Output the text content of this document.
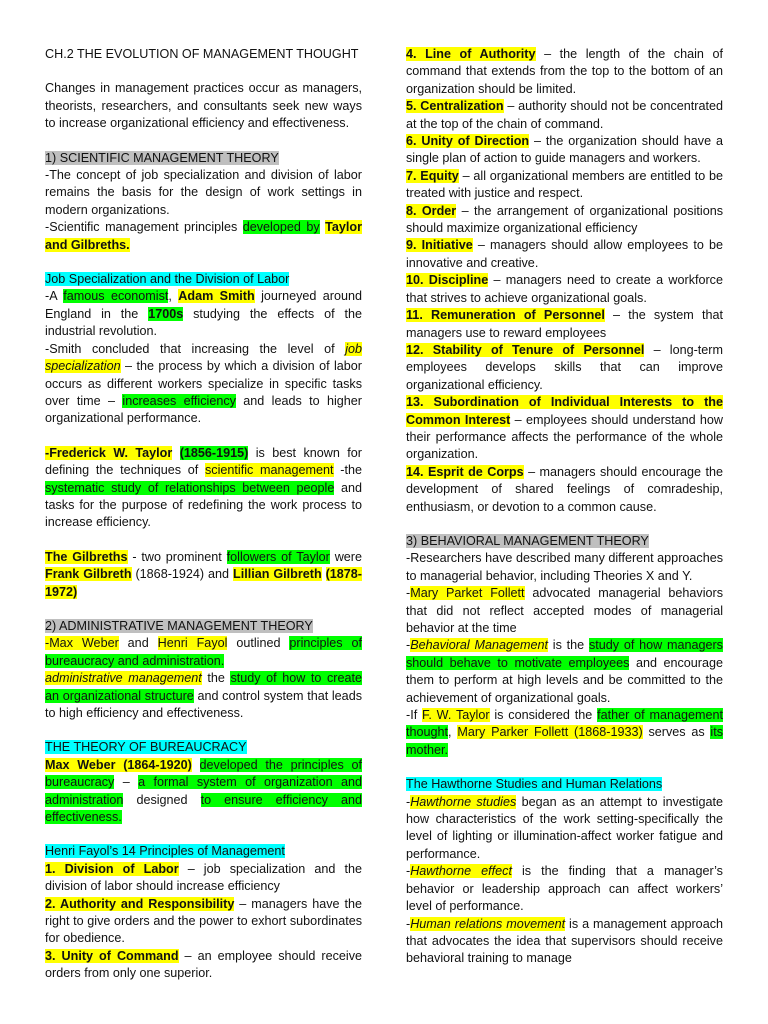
CH.2 THE EVOLUTION OF MANAGEMENT THOUGHT

Changes in management practices occur as managers, theorists, researchers, and consultants seek new ways to increase organizational efficiency and effectiveness.

1) SCIENTIFIC MANAGEMENT THEORY

-The concept of job specialization and division of labor remains the basis for the design of work settings in modern organizations.

-Scientific management principles developed by Taylor and Gilbreths.

Job Specialization and the Division of Labor

-A famous economist, Adam Smith journeyed around England in the 1700s studying the effects of the industrial revolution.

-Smith concluded that increasing the level of job specialization – the process by which a division of labor occurs as different workers specialize in specific tasks over time – increases efficiency and leads to higher organizational performance.

-Frederick W. Taylor (1856-1915) is best known for defining the techniques of scientific management -the systematic study of relationships between people and tasks for the purpose of redefining the work process to increase efficiency.

The Gilbreths - two prominent followers of Taylor were Frank Gilbreth (1868-1924) and Lillian Gilbreth (1878-1972)

2) ADMINISTRATIVE MANAGEMENT THEORY

-Max Weber and Henri Fayol outlined principles of bureaucracy and administration.

administrative management the study of how to create an organizational structure and control system that leads to high efficiency and effectiveness.

THE THEORY OF BUREAUCRACY

Max Weber (1864-1920) developed the principles of bureaucracy – a formal system of organization and administration designed to ensure efficiency and effectiveness.

Henri Fayol’s 14 Principles of Management

1. Division of Labor – job specialization and the division of labor should increase efficiency

2. Authority and Responsibility – managers have the right to give orders and the power to exhort subordinates for obedience.

3. Unity of Command – an employee should receive orders from only one superior.

4. Line of Authority – the length of the chain of command that extends from the top to the bottom of an organization should be limited.

5. Centralization – authority should not be concentrated at the top of the chain of command.

6. Unity of Direction – the organization should have a single plan of action to guide managers and workers.

7. Equity – all organizational members are entitled to be treated with justice and respect.

8. Order – the arrangement of organizational positions should maximize organizational efficiency

9. Initiative – managers should allow employees to be innovative and creative.

10. Discipline – managers need to create a workforce that strives to achieve organizational goals.

11. Remuneration of Personnel – the system that managers use to reward employees

12. Stability of Tenure of Personnel – long-term employees develops skills that can improve organizational efficiency.

13. Subordination of Individual Interests to the Common Interest – employees should understand how their performance affects the performance of the whole organization.

14. Esprit de Corps – managers should encourage the development of shared feelings of comradeship, enthusiasm, or devotion to a common cause.

3) BEHAVIORAL MANAGEMENT THEORY

-Researchers have described many different approaches to managerial behavior, including Theories X and Y.

-Mary Parket Follett advocated managerial behaviors that did not reflect accepted modes of managerial behavior at the time

-Behavioral Management is the study of how managers should behave to motivate employees and encourage them to perform at high levels and be committed to the achievement of organizational goals.

-If F. W. Taylor is considered the father of management thought, Mary Parker Follett (1868-1933) serves as its mother.

The Hawthorne Studies and Human Relations

-Hawthorne studies began as an attempt to investigate how characteristics of the work setting-specifically the level of lighting or illumination-affect worker fatigue and performance.

-Hawthorne effect is the finding that a manager’s behavior or leadership approach can affect workers’ level of performance.

-Human relations movement is a management approach that advocates the idea that supervisors should receive behavioral training to manage
